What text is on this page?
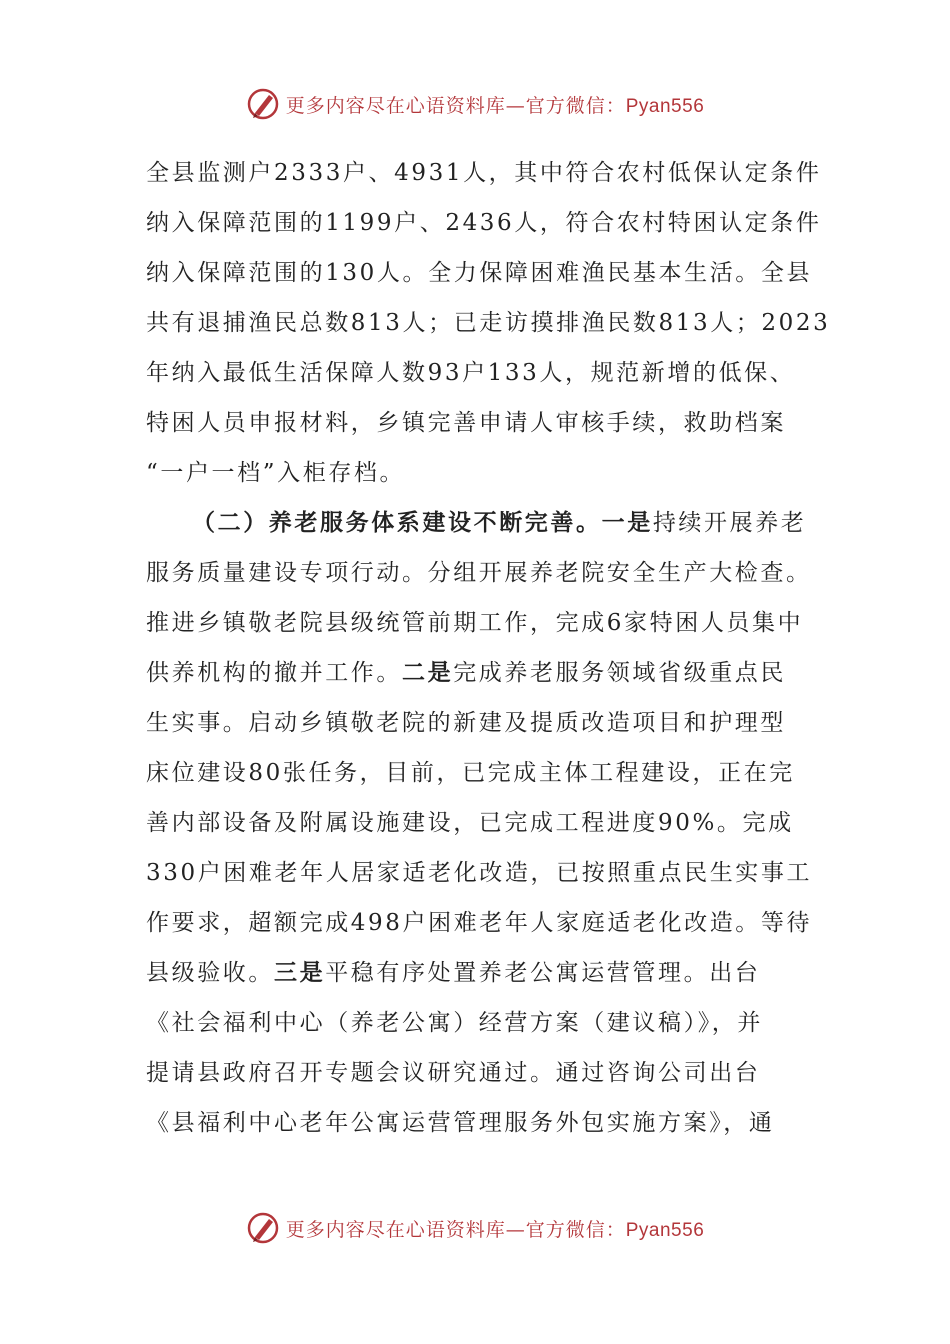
更多内容尽在心语资料库—官方微信：Pyan556
全县监测户2333户、4931人，其中符合农村低保认定条件
纳入保障范围的1199户、2436人，符合农村特困认定条件
纳入保障范围的130人。全力保障困难渔民基本生活。全县
共有退捕渔民总数813人；已走访摸排渔民数813人；2023
年纳入最低生活保障人数93户133人，规范新增的低保、
特困人员申报材料，乡镇完善申请人审核手续，救助档案
“一户一档”入柜存档。
（二）养老服务体系建设不断完善。一是持续开展养老
服务质量建设专项行动。分组开展养老院安全生产大检查。
推进乡镇敬老院县级统管前期工作，完成6家特困人员集中
供养机构的撤并工作。二是完成养老服务领域省级重点民
生实事。启动乡镇敬老院的新建及提质改造项目和护理型
床位建设80张任务，目前，已完成主体工程建设，正在完
善内部设备及附属设施建设，已完成工程进度90%。完成
330户困难老年人居家适老化改造，已按照重点民生实事工
作要求，超额完成498户困难老年人家庭适老化改造。等待
县级验收。三是平稳有序处置养老公寓运营管理。出台
《社会福利中心（养老公寓）经营方案（建议稿）》，并
提请县政府召开专题会议研究通过。通过咨询公司出台
《县福利中心老年公寓运营管理服务外包实施方案》，通
更多内容尽在心语资料库—官方微信：Pyan556
